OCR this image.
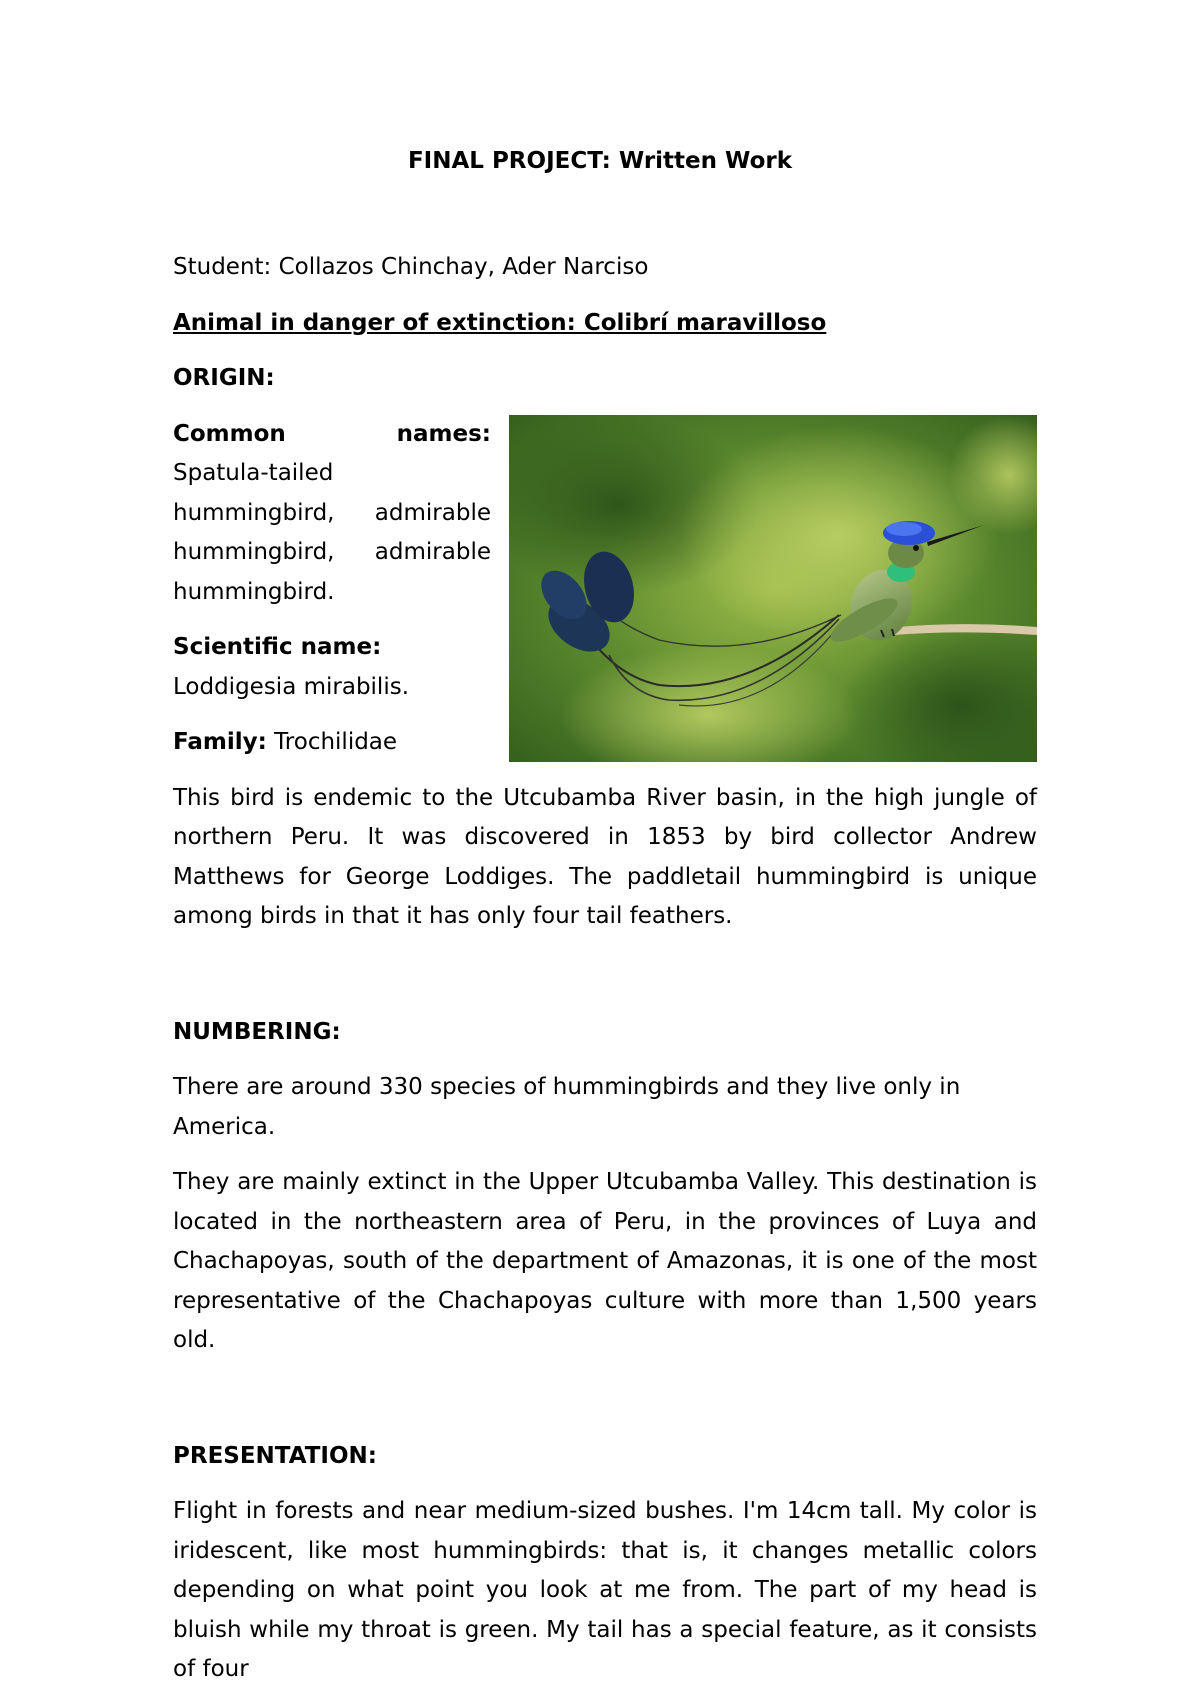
FINAL PROJECT: Written Work

Student: Collazos Chinchay, Ader Narciso

Animal in danger of extinction: Colibrí maravilloso

ORIGIN:

Common names: Spatula-tailed hummingbird, admirable hummingbird, admirable hummingbird.

Scientific name: Loddigesia mirabilis.

Family: Trochilidae

This bird is endemic to the Utcubamba River basin, in the high jungle of northern Peru. It was discovered in 1853 by bird collector Andrew Matthews for George Loddiges. The paddletail hummingbird is unique among birds in that it has only four tail feathers.

NUMBERING:

There are around 330 species of hummingbirds and they live only in America.

They are mainly extinct in the Upper Utcubamba Valley. This destination is located in the northeastern area of Peru, in the provinces of Luya and Chachapoyas, south of the department of Amazonas, it is one of the most representative of the Chachapoyas culture with more than 1,500 years old.

PRESENTATION:

Flight in forests and near medium-sized bushes. I'm 14cm tall. My color is iridescent, like most hummingbirds: that is, it changes metallic colors depending on what point you look at me from. The part of my head is bluish while my throat is green. My tail has a special feature, as it consists of four
